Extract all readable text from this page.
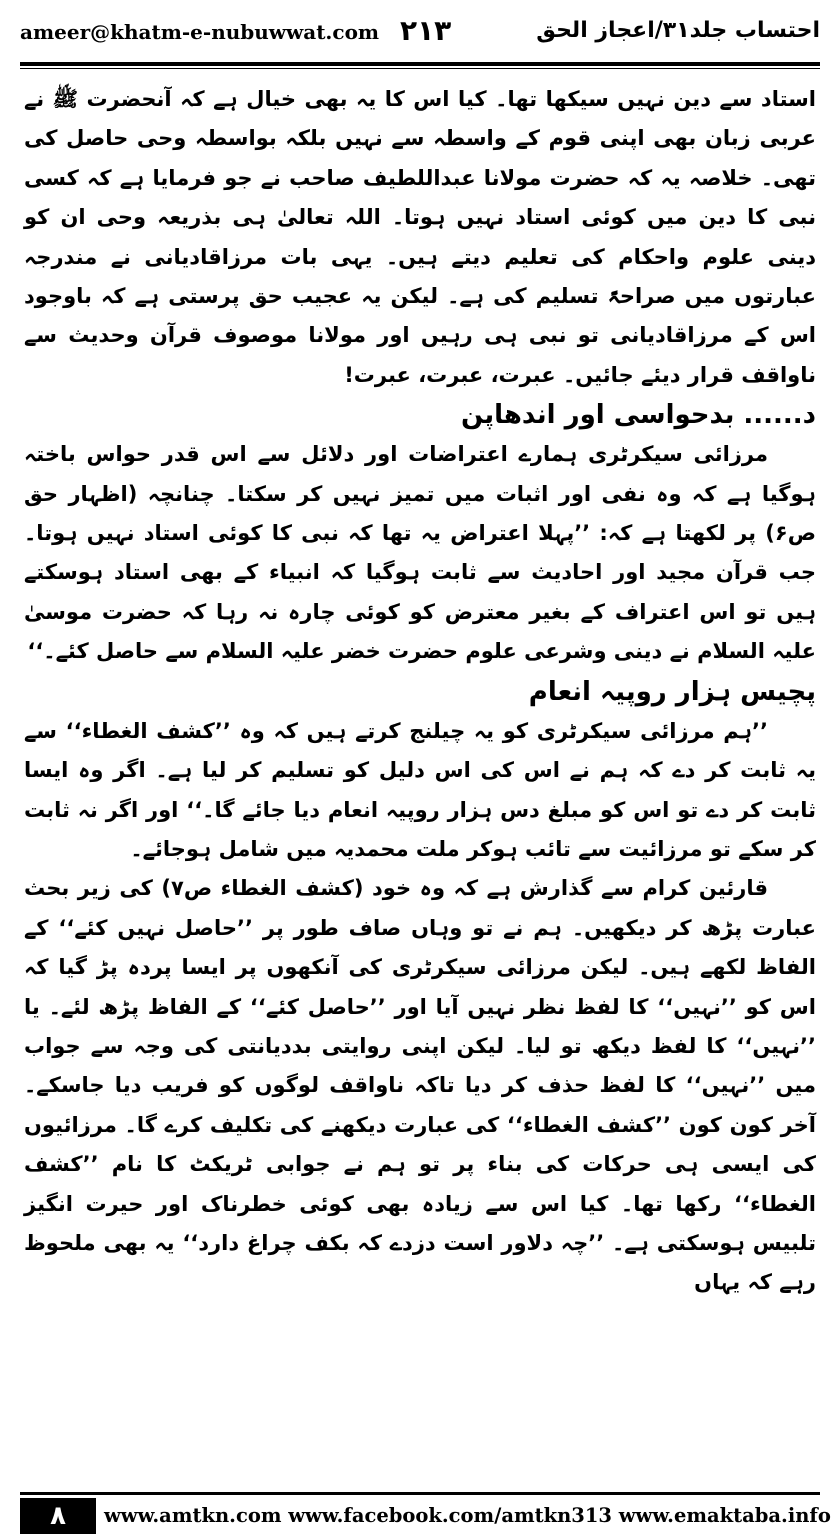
ameer@khatm-e-nubuwwat.com ۲۱۳	احتساب جلد۳۱/اعجاز الحق

استاد سے دین نہیں سیکھا تھا۔ کیا اس کا یہ بھی خیال ہے کہ آنحضرت ﷺ نے عربی زبان بھی اپنی قوم کے واسطہ سے نہیں بلکہ بواسطہ وحی حاصل کی تھی۔ خلاصہ یہ کہ حضرت مولانا عبداللطیف صاحب نے جو فرمایا ہے کہ کسی نبی کا دین میں کوئی استاد نہیں ہوتا۔ اللہ تعالیٰ ہی بذریعہ وحی ان کو دینی علوم واحکام کی تعلیم دیتے ہیں۔ یہی بات مرزاقادیانی نے مندرجہ عبارتوں میں صراحۃً تسلیم کی ہے۔ لیکن یہ عجیب حق پرستی ہے کہ باوجود اس کے مرزاقادیانی تو نبی ہی رہیں اور مولانا موصوف قرآن وحدیث سے ناواقف قرار دیئے جائیں۔ عبرت، عبرت، عبرت!

د...... بدحواسی اور اندھاپن

مرزائی سیکرٹری ہمارے اعتراضات اور دلائل سے اس قدر حواس باختہ ہوگیا ہے کہ وہ نفی اور اثبات میں تمیز نہیں کر سکتا۔ چنانچہ (اظہار حق ص۶) پر لکھتا ہے کہ: ’’پہلا اعتراض یہ تھا کہ نبی کا کوئی استاد نہیں ہوتا۔ جب قرآن مجید اور احادیث سے ثابت ہوگیا کہ انبیاء کے بھی استاد ہوسکتے ہیں تو اس اعتراف کے بغیر معترض کو کوئی چارہ نہ رہا کہ حضرت موسیٰ علیہ السلام نے دینی وشرعی علوم حضرت خضر علیہ السلام سے حاصل کئے۔‘‘

پچیس ہزار روپیہ انعام

’’ہم مرزائی سیکرٹری کو یہ چیلنج کرتے ہیں کہ وہ ’’کشف الغطاء‘‘ سے یہ ثابت کر دے کہ ہم نے اس کی اس دلیل کو تسلیم کر لیا ہے۔ اگر وہ ایسا ثابت کر دے تو اس کو مبلغ دس ہزار روپیہ انعام دیا جائے گا۔‘‘ اور اگر نہ ثابت کر سکے تو مرزائیت سے تائب ہوکر ملت محمدیہ میں شامل ہوجائے۔

قارئین کرام سے گذارش ہے کہ وہ خود (کشف الغطاء ص۷) کی زیر بحث عبارت پڑھ کر دیکھیں۔ ہم نے تو وہاں صاف طور پر ’’حاصل نہیں کئے‘‘ کے الفاظ لکھے ہیں۔ لیکن مرزائی سیکرٹری کی آنکھوں پر ایسا پردہ پڑ گیا کہ اس کو ’’نہیں‘‘ کا لفظ نظر نہیں آیا اور ’’حاصل کئے‘‘ کے الفاظ پڑھ لئے۔ یا ’’نہیں‘‘ کا لفظ دیکھ تو لیا۔ لیکن اپنی روایتی بددیانتی کی وجہ سے جواب میں ’’نہیں‘‘ کا لفظ حذف کر دیا تاکہ ناواقف لوگوں کو فریب دیا جاسکے۔ آخر کون کون ’’کشف الغطاء‘‘ کی عبارت دیکھنے کی تکلیف کرے گا۔ مرزائیوں کی ایسی ہی حرکات کی بناء پر تو ہم نے جوابی ٹریکٹ کا نام ’’کشف الغطاء‘‘ رکھا تھا۔ کیا اس سے زیادہ بھی کوئی خطرناک اور حیرت انگیز تلبیس ہوسکتی ہے۔ ’’چہ دلاور است دزدے کہ بکف چراغ دارد‘‘ یہ بھی ملحوظ رہے کہ یہاں

۸	www.amtkn.com www.facebook.com/amtkn313 www.emaktaba.info
